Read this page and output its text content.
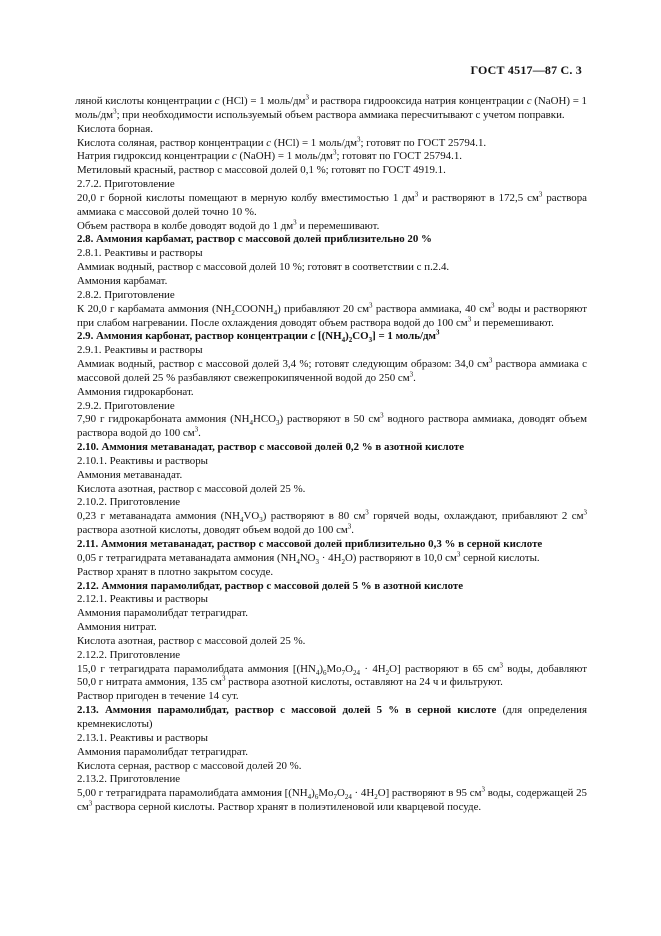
ГОСТ 4517—87 С. 3

ляной кислоты концентрации c (HCl) = 1 моль/$дм^3$ и раствора гидрооксида натрия концентрации c (NaOH) = 1 моль/$дм^3$; при необходимости используемый объем раствора аммиака пересчитывают с учетом поправки.

Кислота борная.

Кислота соляная, раствор концентрации c (HCl) = 1 моль/$дм^3$; готовят по ГОСТ 25794.1.

Натрия гидроксид концентрации c (NaOH) = 1 моль/$дм^3$; готовят по ГОСТ 25794.1.

Метиловый красный, раствор с массовой долей 0,1 %; готовят по ГОСТ 4919.1.

2.7.2. Приготовление

20,0 г борной кислоты помещают в мерную колбу вместимостью 1 $дм^3$ и растворяют в 172,5 $см^3$ раствора аммиака с массовой долей точно 10 %.

Объем раствора в колбе доводят водой до 1 $дм^3$ и перемешивают.

2.8. Аммония карбамат, раствор с массовой долей приблизительно 20 %

2.8.1. Реактивы и растворы

Аммиак водный, раствор с массовой долей 10 %; готовят в соответствии с п.2.4.

Аммония карбамат.

2.8.2. Приготовление

К 20,0 г карбамата аммония $(NH_2COONH_4)$ прибавляют 20 $см^3$ раствора аммиака, 40 $см^3$ воды и растворяют при слабом нагревании. После охлаждения доводят объем раствора водой до 100 $см^3$ и перемешивают.

2.9. Аммония карбонат, раствор концентрации c $[(NH_4)_2CO_3] = 1$ моль/$дм^3$

2.9.1. Реактивы и растворы

Аммиак водный, раствор с массовой долей 3,4 %; готовят следующим образом: 34,0 $см^3$ раствора аммиака с массовой долей 25 % разбавляют свежепрокипяченной водой до 250 $см^3$.

Аммония гидрокарбонат.

2.9.2. Приготовление

7,90 г гидрокарбоната аммония $(NH_4HCO_3)$ растворяют в 50 $см^3$ водного раствора аммиака, доводят объем раствора водой до 100 $см^3$.

2.10. Аммония метаванадат, раствор с массовой долей 0,2 % в азотной кислоте

2.10.1. Реактивы и растворы

Аммония метаванадат.

Кислота азотная, раствор с массовой долей 25 %.

2.10.2. Приготовление

0,23 г метаванадата аммония $(NH_4VO_3)$ растворяют в 80 $см^3$ горячей воды, охлаждают, прибавляют 2 $см^3$ раствора азотной кислоты, доводят объем водой до 100 $см^3$.

2.11. Аммония метаванадат, раствор с массовой долей приблизительно 0,3 % в серной кислоте

0,05 г тетрагидрата метаванадата аммония $(NH_4NO_3 \cdot 4H_2O)$ растворяют в 10,0 $см^3$ серной кислоты.

Раствор хранят в плотно закрытом сосуде.

2.12. Аммония парамолибдат, раствор с массовой долей 5 % в азотной кислоте

2.12.1. Реактивы и растворы

Аммония парамолибдат тетрагидрат.

Аммония нитрат.

Кислота азотная, раствор с массовой долей 25 %.

2.12.2. Приготовление

15,0 г тетрагидрата парамолибдата аммония $[(HN_4)_6Mo_7O_{24} \cdot 4H_2O]$ растворяют в 65 $см^3$ воды, добавляют 50,0 г нитрата аммония, 135 $см^3$ раствора азотной кислоты, оставляют на 24 ч и фильтруют.

Раствор пригоден в течение 14 сут.

2.13. Аммония парамолибдат, раствор с массовой долей 5 % в серной кислоте (для определения кремнекислоты)

2.13.1. Реактивы и растворы

Аммония парамолибдат тетрагидрат.

Кислота серная, раствор с массовой долей 20 %.

2.13.2. Приготовление

5,00 г тетрагидрата парамолибдата аммония $[(NH_4)_6Mo_7O_{24} \cdot 4H_2O]$ растворяют в 95 $см^3$ воды, содержащей 25 $см^3$ раствора серной кислоты. Раствор хранят в полиэтиленовой или кварцевой посуде.
